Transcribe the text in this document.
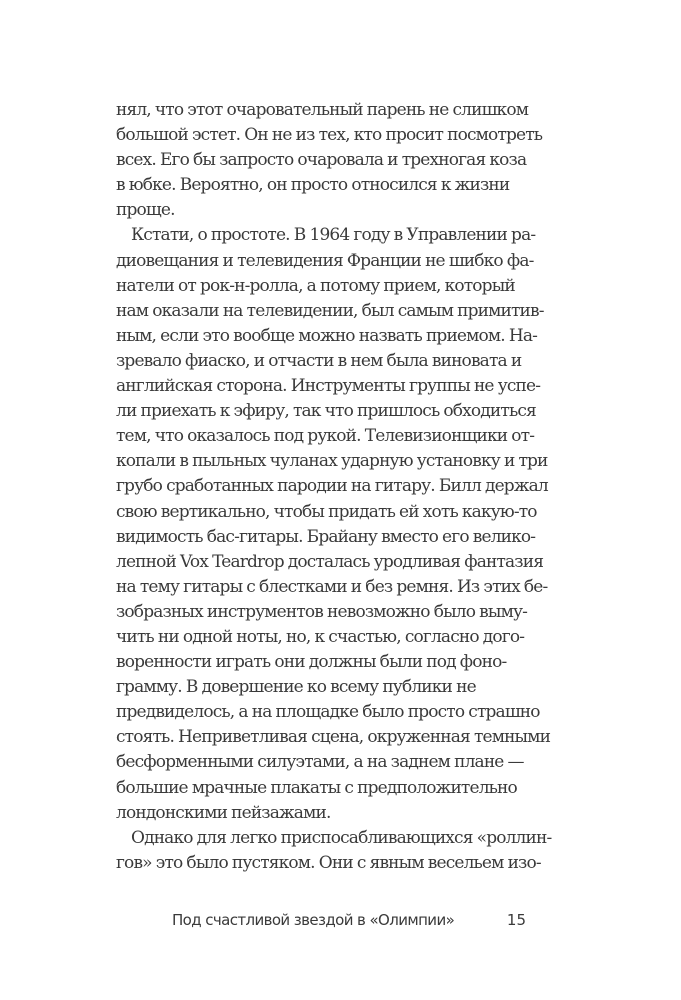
нял, что этот очаровательный парень не слишком
большой эстет. Он не из тех, кто просит посмотреть
всех. Его бы запросто очаровала и трехногая коза
в юбке. Вероятно, он просто относился к жизни
проще.
Кстати, о простоте. В 1964 году в Управлении ра-
диовещания и телевидения Франции не шибко фа-
натели от рок-н-ролла, а потому прием, который
нам оказали на телевидении, был самым примитив-
ным, если это вообще можно назвать приемом. На-
зревало фиаско, и отчасти в нем была виновата и
английская сторона. Инструменты группы не успе-
ли приехать к эфиру, так что пришлось обходиться
тем, что оказалось под рукой. Телевизионщики от-
копали в пыльных чуланах ударную установку и три
грубо сработанных пародии на гитару. Билл держал
свою вертикально, чтобы придать ей хоть какую-то
видимость бас-гитары. Брайану вместо его велико-
лепной Vox Teardrop досталась уродливая фантазия
на тему гитары с блестками и без ремня. Из этих бе-
зобразных инструментов невозможно было выму-
чить ни одной ноты, но, к счастью, согласно дого-
воренности играть они должны были под фоно-
грамму. В довершение ко всему публики не
предвиделось, а на площадке было просто страшно
стоять. Неприветливая сцена, окруженная темными
бесформенными силуэтами, а на заднем плане —
большие мрачные плакаты с предположительно
лондонскими пейзажами.
Однако для легко приспосабливающихся «роллин-
гов» это было пустяком. Они с явным весельем изо-
Под счастливой звездой в «Олимпии»	15
